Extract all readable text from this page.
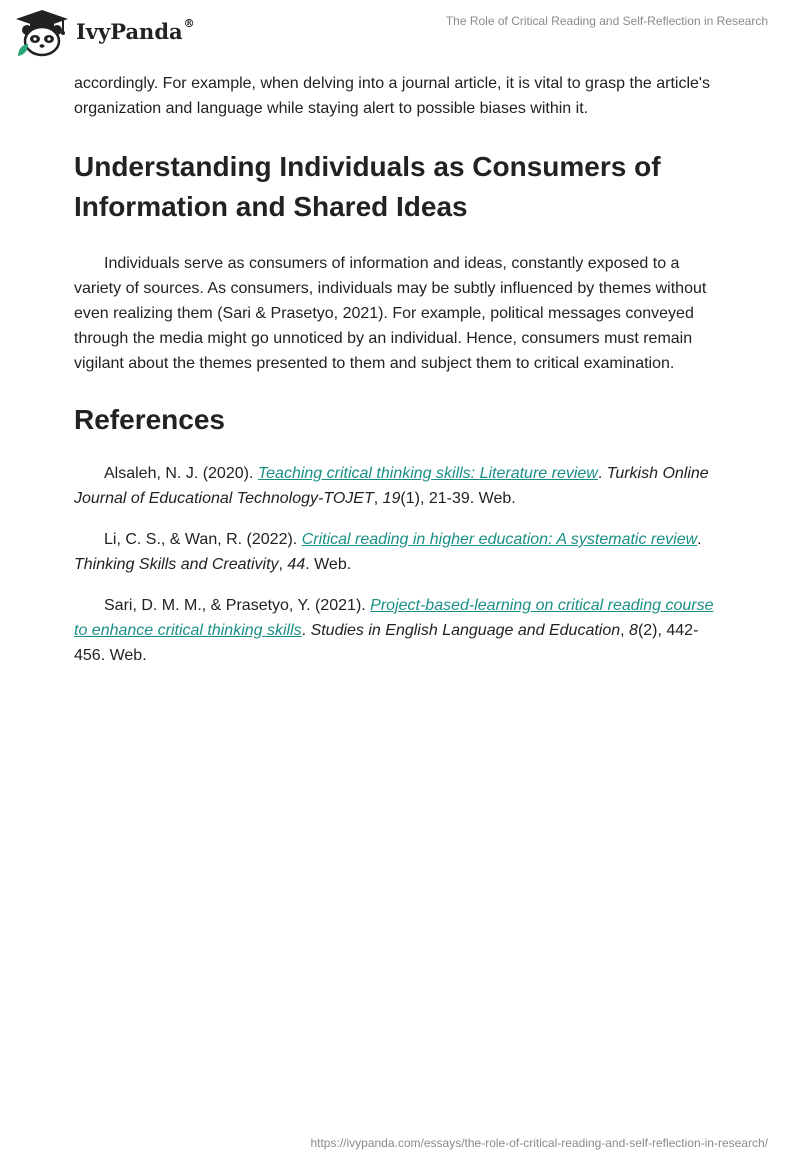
IvyPanda®	The Role of Critical Reading and Self-Reflection in Research

accordingly. For example, when delving into a journal article, it is vital to grasp the article's organization and language while staying alert to possible biases within it.

Understanding Individuals as Consumers of Information and Shared Ideas

Individuals serve as consumers of information and ideas, constantly exposed to a variety of sources. As consumers, individuals may be subtly influenced by themes without even realizing them (Sari & Prasetyo, 2021). For example, political messages conveyed through the media might go unnoticed by an individual. Hence, consumers must remain vigilant about the themes presented to them and subject them to critical examination.

References

Alsaleh, N. J. (2020). Teaching critical thinking skills: Literature review. Turkish Online Journal of Educational Technology-TOJET, 19(1), 21-39. Web.

Li, C. S., & Wan, R. (2022). Critical reading in higher education: A systematic review. Thinking Skills and Creativity, 44. Web.

Sari, D. M. M., & Prasetyo, Y. (2021). Project-based-learning on critical reading course to enhance critical thinking skills. Studies in English Language and Education, 8(2), 442-456. Web.

https://ivypanda.com/essays/the-role-of-critical-reading-and-self-reflection-in-research/
